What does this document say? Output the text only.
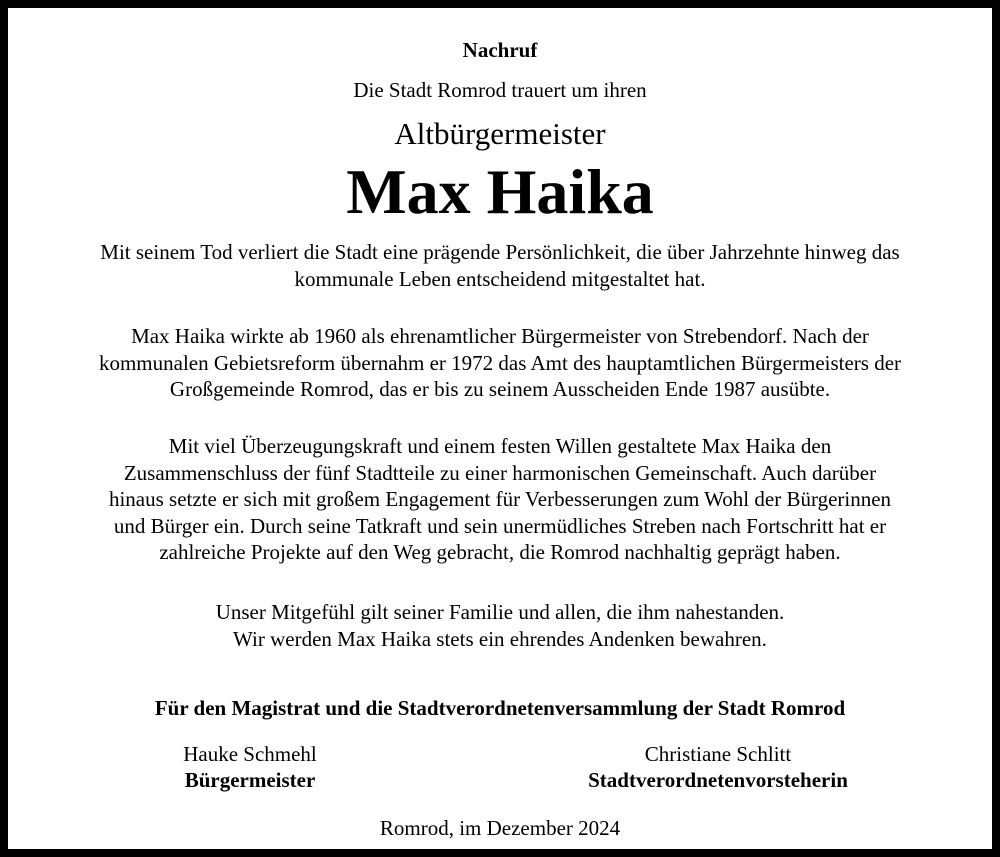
Nachruf
Die Stadt Romrod trauert um ihren
Altbürgermeister
Max Haika
Mit seinem Tod verliert die Stadt eine prägende Persönlichkeit, die über Jahrzehnte hinweg das
kommunale Leben entscheidend mitgestaltet hat.
Max Haika wirkte ab 1960 als ehrenamtlicher Bürgermeister von Strebendorf. Nach der
kommunalen Gebietsreform übernahm er 1972 das Amt des hauptamtlichen Bürgermeisters der
Großgemeinde Romrod, das er bis zu seinem Ausscheiden Ende 1987 ausübte.
Mit viel Überzeugungskraft und einem festen Willen gestaltete Max Haika den
Zusammenschluss der fünf Stadtteile zu einer harmonischen Gemeinschaft. Auch darüber
hinaus setzte er sich mit großem Engagement für Verbesserungen zum Wohl der Bürgerinnen
und Bürger ein. Durch seine Tatkraft und sein unermüdliches Streben nach Fortschritt hat er
zahlreiche Projekte auf den Weg gebracht, die Romrod nachhaltig geprägt haben.
Unser Mitgefühl gilt seiner Familie und allen, die ihm nahestanden.
Wir werden Max Haika stets ein ehrendes Andenken bewahren.
Für den Magistrat und die Stadtverordnetenversammlung der Stadt Romrod
Hauke Schmehl
Bürgermeister
Christiane Schlitt
Stadtverordnetenvorsteherin
Romrod, im Dezember 2024
